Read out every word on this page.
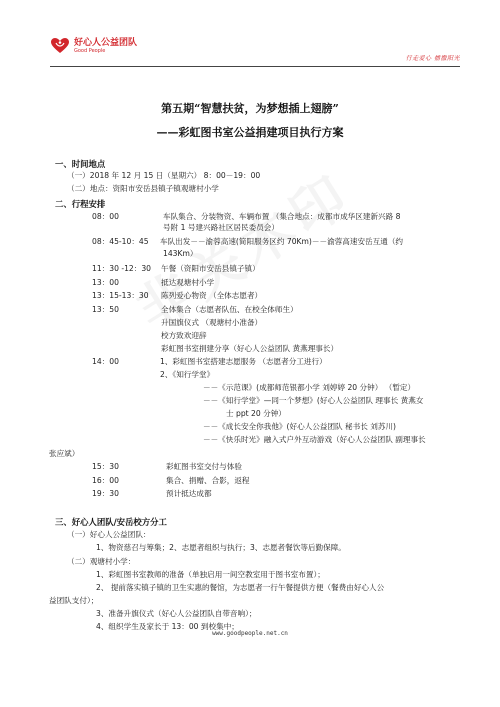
好心人公益团队
Good People
行走爱心 播撒阳光
第五期“智慧扶贫，为梦想插上翅膀”
——彩虹图书室公益捐建项目执行方案
一、时间地点
（一）2018 年 12 月 15 日（星期六） 8：00－19：00
（二）地点：资阳市安岳县镇子镇观塘村小学
二、行程安排
08：00	车队集合、分装物资、车辆布置 （集合地点：成都市成华区建新兴路 8
号附 1 号建兴路社区居民委员会）
08：45-10：45 车队出发－－渝蓉高速(简阳服务区约 70Km)－－渝蓉高速安岳互通（约
143Km）
11：30 -12：30 午餐（资阳市安岳县镇子镇）
13：00	抵达观塘村小学
13：15-13：30 陈列爱心物资 （全体志愿者）
13：50	全体集合（志愿者队伍、在校全体师生）
升国旗仪式 （观塘村小准备）
校方致欢迎辞
彩虹图书室捐建分享（好心人公益团队 黄燕理事长）
14：00	1、彩虹图书室搭建志愿服务 （志愿者分工进行）
2、《知行学堂》
－－《示范课》(成都师范银都小学 刘婷婷 20 分钟） （暂定）
－－《知行学堂》—同一个梦想》(好心人公益团队 理事长 黄燕女
士 ppt 20 分钟）
－－《成长安全你我他》(好心人公益团队 秘书长 刘苏川)
－－《快乐时光》融入式户外互动游戏（好心人公益团队 副理事长
张应斌）
15：30	彩虹图书室交付与体验
16：00	集合、捐赠、合影，返程
19：30	预计抵达成都
三、好心人团队/安岳校方分工
（一）好心人公益团队：
1、物资慈召与筹集；2、志愿者组织与执行；3、志愿者餐饮等后勤保障。
（二）观塘村小学：
1、彩虹图书室教师的准备（单独启用一间空教室用于图书室布置）；
2、 提前落实镇子镇的卫生实惠的餐馆，为志愿者一行午餐提供方便（餐费由好心人公
益团队支付）；
3、准备升旗仪式（好心人公益团队自带音响）；
4、组织学生及家长于 13：00 到校集中；
www.goodpeople.net.cn
